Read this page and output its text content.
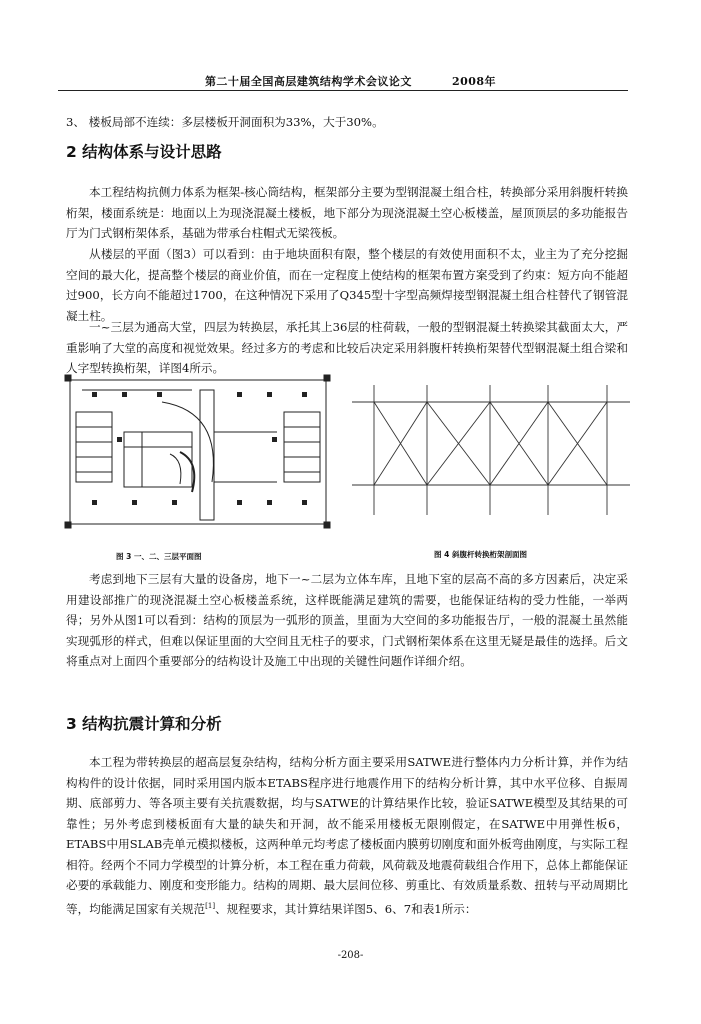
第二十届全国高层建筑结构学术会议论文	2008年
3、 楼板局部不连续：多层楼板开洞面积为33%，大于30%。
2 结构体系与设计思路
本工程结构抗侧力体系为框架-核心筒结构，框架部分主要为型钢混凝土组合柱，转换部分采用斜腹杆转换桁架，楼面系统是：地面以上为现浇混凝土楼板，地下部分为现浇混凝土空心板楼盖，屋顶顶层的多功能报告厅为门式钢桁架体系，基础为带承台柱帽式无梁筏板。
从楼层的平面（图3）可以看到：由于地块面积有限，整个楼层的有效使用面积不太，业主为了充分挖掘空间的最大化，提高整个楼层的商业价值，而在一定程度上使结构的框架布置方案受到了约束：短方向不能超过900，长方向不能超过1700，在这种情况下采用了Q345型十字型高频焊接型钢混凝土组合柱替代了钢管混凝土柱。
一~三层为通高大堂，四层为转换层，承托其上36层的柱荷载，一般的型钢混凝土转换梁其截面太大，严重影响了大堂的高度和视觉效果。经过多方的考虑和比较后决定采用斜腹杆转换桁架替代型钢混凝土组合梁和人字型转换桁架，详图4所示。
图 3 一、二、三层平面图	图 4 斜腹杆转换桁架剖面图
考虑到地下三层有大量的设备房，地下一~二层为立体车库，且地下室的层高不高的多方因素后，决定采用建设部推广的现浇混凝土空心板楼盖系统，这样既能满足建筑的需要，也能保证结构的受力性能，一举两得；另外从图1可以看到：结构的顶层为一弧形的顶盖，里面为大空间的多功能报告厅，一般的混凝土虽然能实现弧形的样式，但难以保证里面的大空间且无柱子的要求，门式钢桁架体系在这里无疑是最佳的选择。后文将重点对上面四个重要部分的结构设计及施工中出现的关键性问题作详细介绍。
3 结构抗震计算和分析
本工程为带转换层的超高层复杂结构，结构分析方面主要采用SATWE进行整体内力分析计算，并作为结构构件的设计依据，同时采用国内版本ETABS程序进行地震作用下的结构分析计算，其中水平位移、自振周期、底部剪力、等各项主要有关抗震数据，均与SATWE的计算结果作比较，验证SATWE模型及其结果的可靠性；另外考虑到楼板面有大量的缺失和开洞，故不能采用楼板无限刚假定，在SATWE中用弹性板6，ETABS中用SLAB壳单元模拟楼板，这两种单元均考虑了楼板面内膜剪切刚度和面外板弯曲刚度，与实际工程相符。经两个不同力学模型的计算分析，本工程在重力荷载，风荷载及地震荷载组合作用下，总体上都能保证必要的承载能力、刚度和变形能力。结构的周期、最大层间位移、剪重比、有效质量系数、扭转与平动周期比等，均能满足国家有关规范[1]、规程要求，其计算结果详图5、6、7和表1所示：
-208-
